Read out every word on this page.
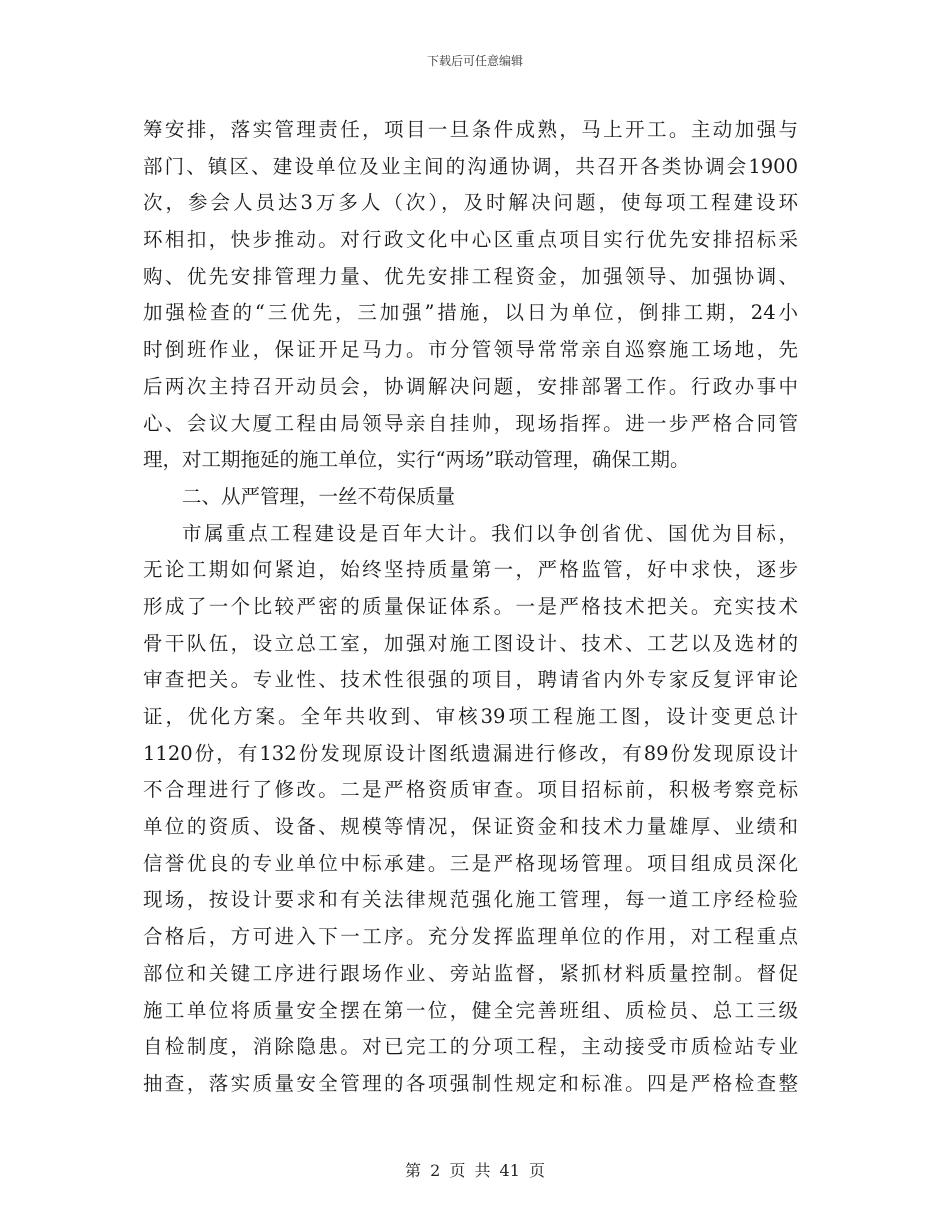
下载后可任意编辑
筹安排，落实管理责任，项目一旦条件成熟，马上开工。主动加强与
部门、镇区、建设单位及业主间的沟通协调，共召开各类协调会1900
次，参会人员达3万多人（次），及时解决问题，使每项工程建设环
环相扣，快步推动。对行政文化中心区重点项目实行优先安排招标采
购、优先安排管理力量、优先安排工程资金，加强领导、加强协调、
加强检查的“三优先，三加强”措施，以日为单位，倒排工期，24小
时倒班作业，保证开足马力。市分管领导常常亲自巡察施工场地，先
后两次主持召开动员会，协调解决问题，安排部署工作。行政办事中
心、会议大厦工程由局领导亲自挂帅，现场指挥。进一步严格合同管
理，对工期拖延的施工单位，实行“两场”联动管理，确保工期。
二、从严管理，一丝不苟保质量
市属重点工程建设是百年大计。我们以争创省优、国优为目标，
无论工期如何紧迫，始终坚持质量第一，严格监管，好中求快，逐步
形成了一个比较严密的质量保证体系。一是严格技术把关。充实技术
骨干队伍，设立总工室，加强对施工图设计、技术、工艺以及选材的
审查把关。专业性、技术性很强的项目，聘请省内外专家反复评审论
证，优化方案。全年共收到、审核39项工程施工图，设计变更总计
1120份，有132份发现原设计图纸遗漏进行修改，有89份发现原设计
不合理进行了修改。二是严格资质审查。项目招标前，积极考察竞标
单位的资质、设备、规模等情况，保证资金和技术力量雄厚、业绩和
信誉优良的专业单位中标承建。三是严格现场管理。项目组成员深化
现场，按设计要求和有关法律规范强化施工管理，每一道工序经检验
合格后，方可进入下一工序。充分发挥监理单位的作用，对工程重点
部位和关键工序进行跟场作业、旁站监督，紧抓材料质量控制。督促
施工单位将质量安全摆在第一位，健全完善班组、质检员、总工三级
自检制度，消除隐患。对已完工的分项工程，主动接受市质检站专业
抽查，落实质量安全管理的各项强制性规定和标准。四是严格检查整
第 2 页 共 41 页
